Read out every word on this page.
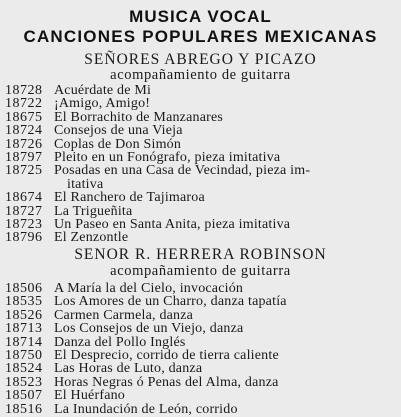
MUSICA VOCAL
CANCIONES POPULARES MEXICANAS
SEÑORES ABREGO Y PICAZO
acompañamiento de guitarra
18728 Acuérdate de Mi
18722 ¡Amigo, Amigo!
18675 El Borrachito de Manzanares
18724 Consejos de una Vieja
18726 Coplas de Don Simón
18797 Pleito en un Fonógrafo, pieza imitativa
18725 Posadas en una Casa de Vecindad, pieza im-
itativa
18674 El Ranchero de Tajimaroa
18727 La Trigueñita
18723 Un Paseo en Santa Anita, pieza imitativa
18796 El Zenzontle
SENOR R. HERRERA ROBINSON
acompañamiento de guitarra
18506 A María la del Cielo, invocación
18535 Los Amores de un Charro, danza tapatía
18526 Carmen Carmela, danza
18713 Los Consejos de un Viejo, danza
18714 Danza del Pollo Inglés
18750 El Desprecio, corrido de tierra caliente
18524 Las Horas de Luto, danza
18523 Horas Negras ó Penas del Alma, danza
18507 El Huérfano
18516 La Inundación de León, corrido
